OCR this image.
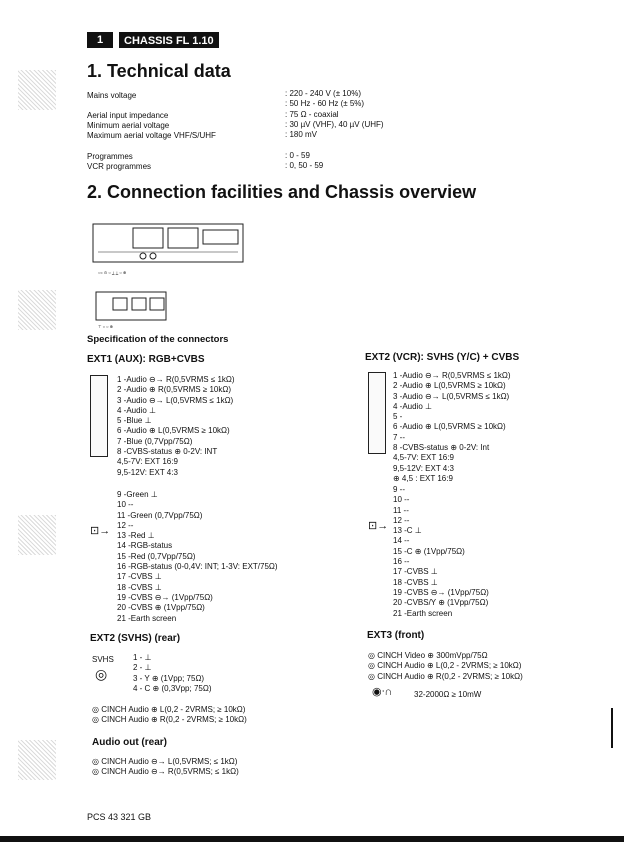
1	CHASSIS FL 1.10
1. Technical data
Mains voltage	: 220 - 240 V (± 10%)
: 50 Hz - 60 Hz (± 5%)
Aerial input impedance	: 75 Ω - coaxial
Minimum aerial voltage	: 30 µV (VHF), 40 µV (UHF)
Maximum aerial voltage VHF/S/UHF	: 180 mV
Programmes	: 0 - 59
VCR programmes	: 0, 50 - 59
2. Connection facilities and Chassis overview
○= ⊙ ○ ⟂ ⟂ ○ ⊕
⊤ ○ ○ ⊕
Specification of the connectors
EXT1 (AUX): RGB+CVBS
1 -Audio ⊖→ R(0,5VRMS ≤ 1kΩ)
2 -Audio ⊕ R(0,5VRMS ≥ 10kΩ)
3 -Audio ⊖→ L(0,5VRMS ≤ 1kΩ)
4 -Audio ⊥
5 -Blue ⊥
6 -Audio ⊕ L(0,5VRMS ≥ 10kΩ)
7 -Blue (0,7Vpp/75Ω)
8 -CVBS-status ⊕ 0-2V: INT
4,5-7V: EXT 16:9
9,5-12V: EXT 4:3
9 -Green ⊥
10 --
11 -Green (0,7Vpp/75Ω)
12 --
13 -Red ⊥
14 -RGB-status
15 -Red (0,7Vpp/75Ω)
16 -RGB-status (0-0,4V: INT; 1-3V: EXT/75Ω)
17 -CVBS ⊥
18 -CVBS ⊥
19 -CVBS ⊖→ (1Vpp/75Ω)
20 -CVBS ⊕ (1Vpp/75Ω)
21 -Earth screen
⊡→
EXT2 (VCR): SVHS (Y/C) + CVBS
1 -Audio ⊖→ R(0,5VRMS ≤ 1kΩ)
2 -Audio ⊕ L(0,5VRMS ≥ 10kΩ)
3 -Audio ⊖→ L(0,5VRMS ≤ 1kΩ)
4 -Audio ⊥
5 -
6 -Audio ⊕ L(0,5VRMS ≥ 10kΩ)
7 --
8 -CVBS-status ⊕ 0-2V: Int
4,5-7V: EXT 16:9
9,5-12V: EXT 4:3
⊕ 4,5 : EXT 16:9
9 --
10 --
11 --
12 --
13 -C ⊥
14 --
15 -C ⊕ (1Vpp/75Ω)
16 --
17 -CVBS ⊥
18 -CVBS ⊥
19 -CVBS ⊖→ (1Vpp/75Ω)
20 -CVBS/Y ⊕ (1Vpp/75Ω)
21 -Earth screen
⊡→
EXT2 (SVHS) (rear)
SVHS
◎
1 - ⊥
2 - ⊥
3 - Y ⊕ (1Vpp; 75Ω)
4 - C ⊕ (0,3Vpp; 75Ω)
◎ CINCH Audio ⊕ L(0,2 - 2VRMS; ≥ 10kΩ)
◎ CINCH Audio ⊕ R(0,2 - 2VRMS; ≥ 10kΩ)
Audio out (rear)
◎ CINCH Audio ⊖→ L(0,5VRMS; ≤ 1kΩ)
◎ CINCH Audio ⊖→ R(0,5VRMS; ≤ 1kΩ)
EXT3 (front)
◎ CINCH Video ⊕ 300mVpp/75Ω
◎ CINCH Audio ⊕ L(0,2 - 2VRMS; ≥ 10kΩ)
◎ CINCH Audio ⊕ R(0,2 - 2VRMS; ≥ 10kΩ)
◉ᐧ∩	32-2000Ω ≥ 10mW
PCS 43 321 GB
